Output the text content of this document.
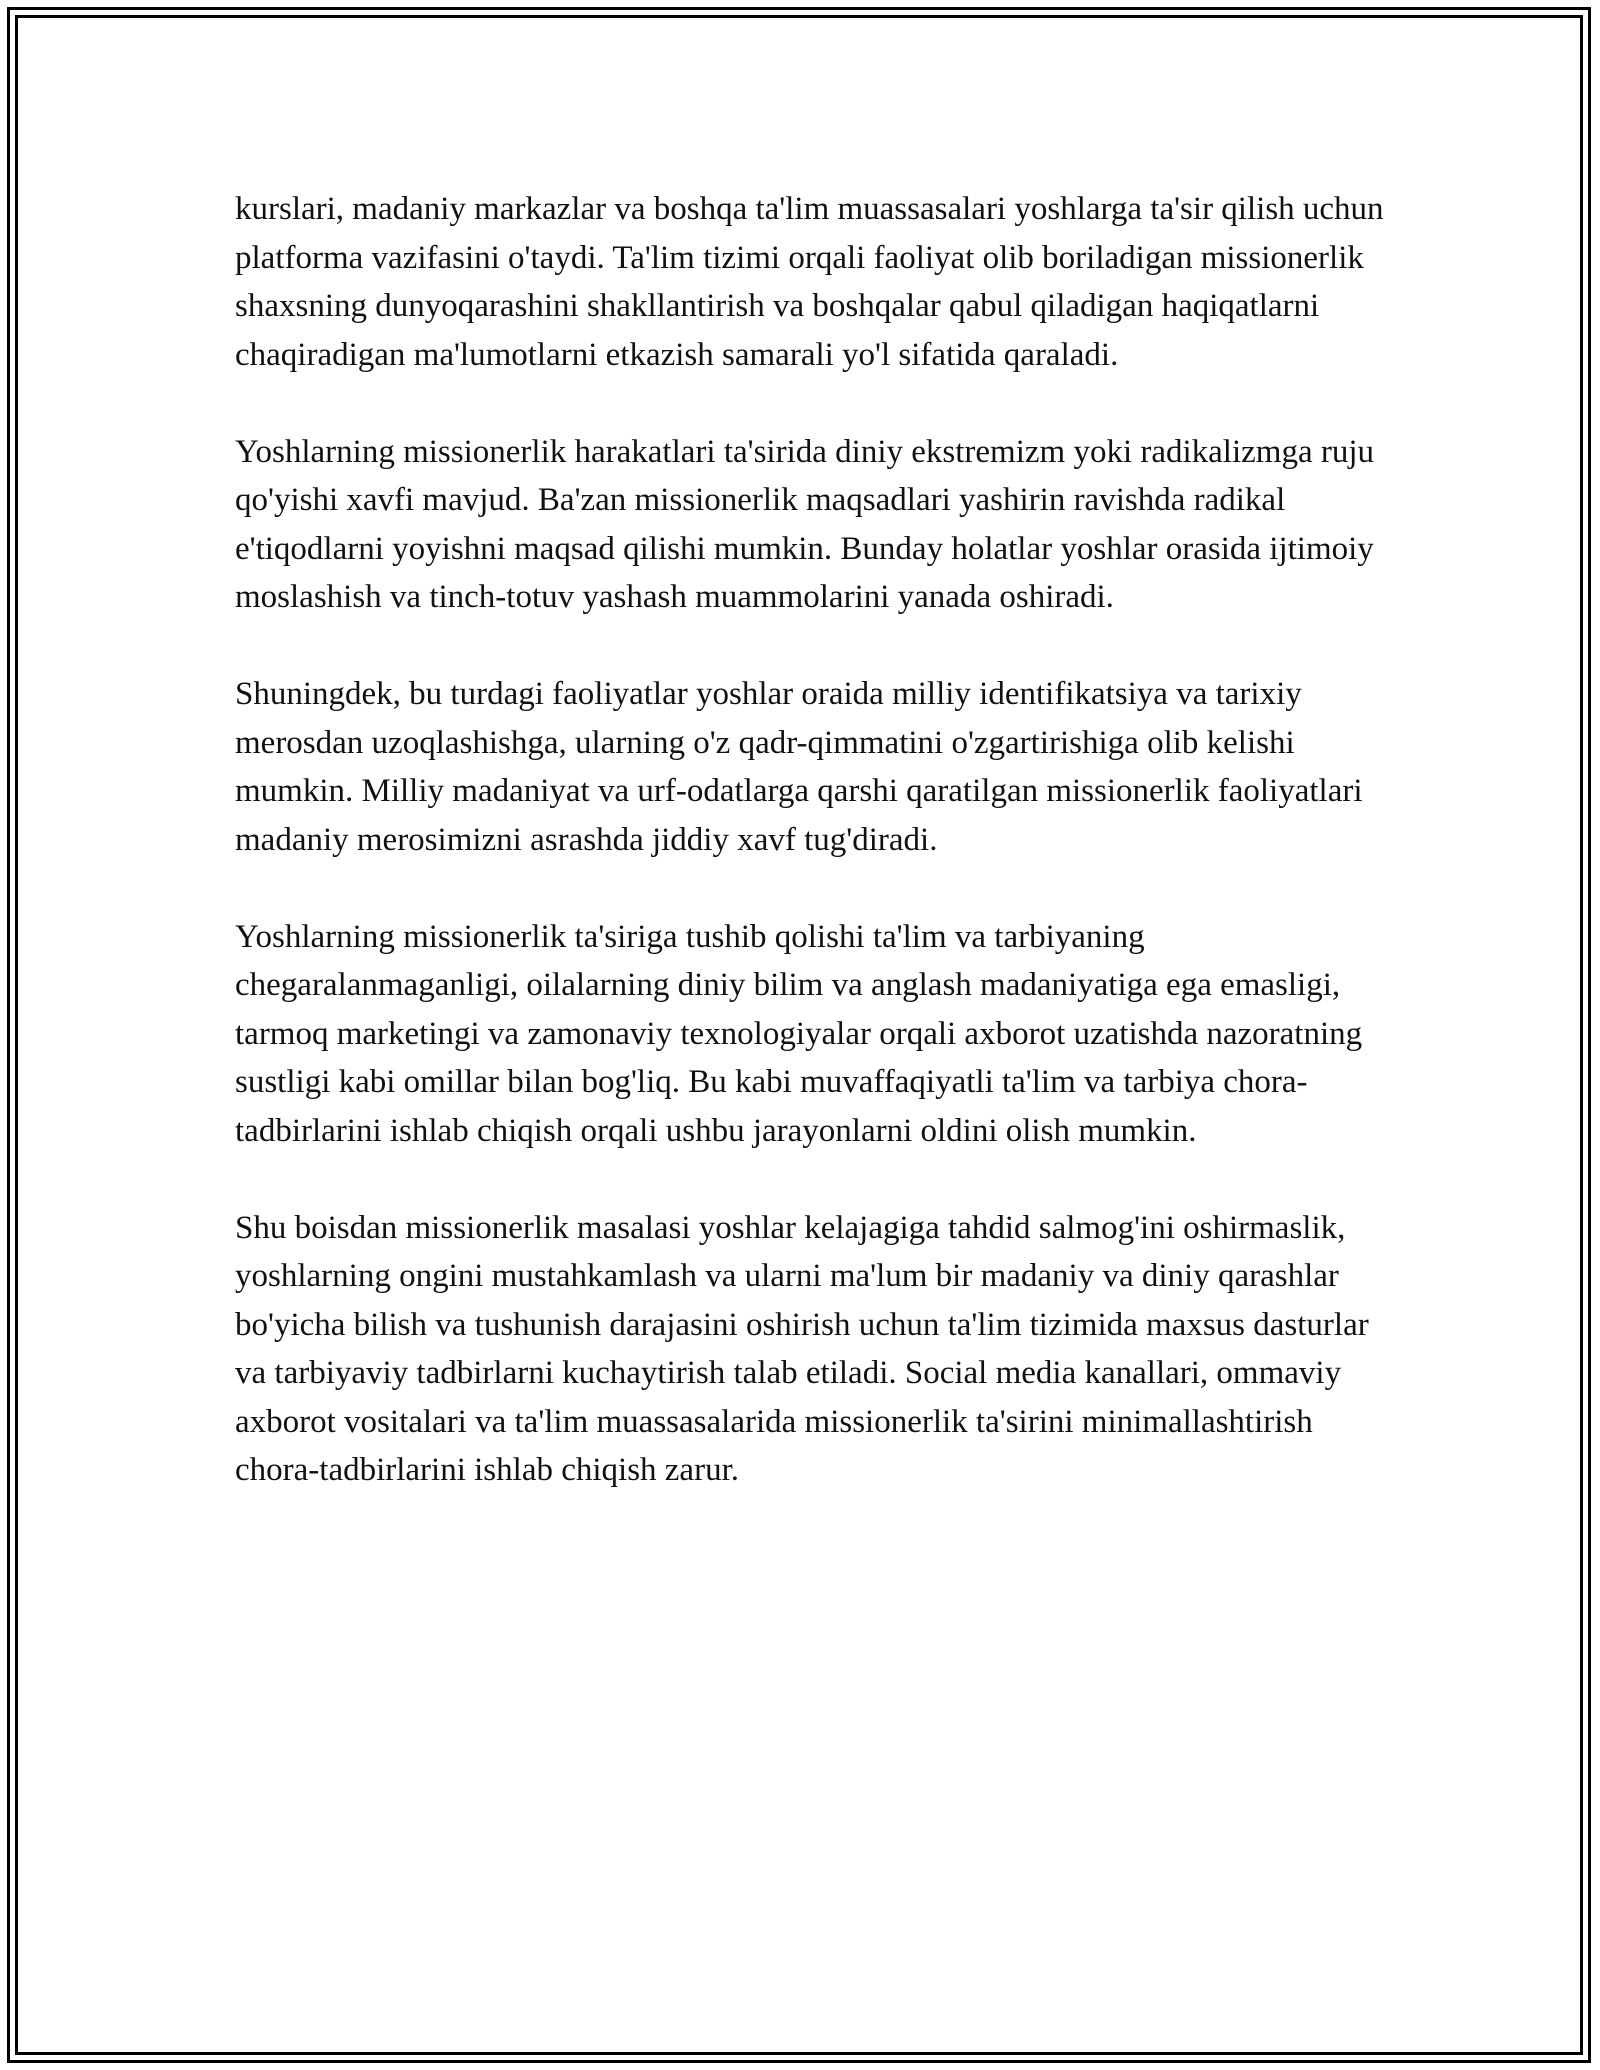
kurslari, madaniy markazlar va boshqa ta'lim muassasalari yoshlarga ta'sir qilish uchun platforma vazifasini o'taydi. Ta'lim tizimi orqali faoliyat olib boriladigan missionerlik shaxsning dunyoqarashini shakllantirish va boshqalar qabul qiladigan haqiqatlarni chaqiradigan ma'lumotlarni etkazish samarali yo'l sifatida qaraladi.

Yoshlarning missionerlik harakatlari ta'sirida diniy ekstremizm yoki radikalizmga ruju qo'yishi xavfi mavjud. Ba'zan missionerlik maqsadlari yashirin ravishda radikal e'tiqodlarni yoyishni maqsad qilishi mumkin. Bunday holatlar yoshlar orasida ijtimoiy moslashish va tinch-totuv yashash muammolarini yanada oshiradi.

Shuningdek, bu turdagi faoliyatlar yoshlar oraida milliy identifikatsiya va tarixiy merosdan uzoqlashishga, ularning o'z qadr-qimmatini o'zgartirishiga olib kelishi mumkin. Milliy madaniyat va urf-odatlarga qarshi qaratilgan missionerlik faoliyatlari madaniy merosimizni asrashda jiddiy xavf tug'diradi.

Yoshlarning missionerlik ta'siriga tushib qolishi ta'lim va tarbiyaning chegaralanmaganligi, oilalarning diniy bilim va anglash madaniyatiga ega emasligi, tarmoq marketingi va zamonaviy texnologiyalar orqali axborot uzatishda nazoratning sustligi kabi omillar bilan bog'liq. Bu kabi muvaffaqiyatli ta'lim va tarbiya chora-tadbirlarini ishlab chiqish orqali ushbu jarayonlarni oldini olish mumkin.

Shu boisdan missionerlik masalasi yoshlar kelajagiga tahdid salmog'ini oshirmaslik, yoshlarning ongini mustahkamlash va ularni ma'lum bir madaniy va diniy qarashlar bo'yicha bilish va tushunish darajasini oshirish uchun ta'lim tizimida maxsus dasturlar va tarbiyaviy tadbirlarni kuchaytirish talab etiladi. Social media kanallari, ommaviy axborot vositalari va ta'lim muassasalarida missionerlik ta'sirini minimallashtirish chora-tadbirlarini ishlab chiqish zarur.
